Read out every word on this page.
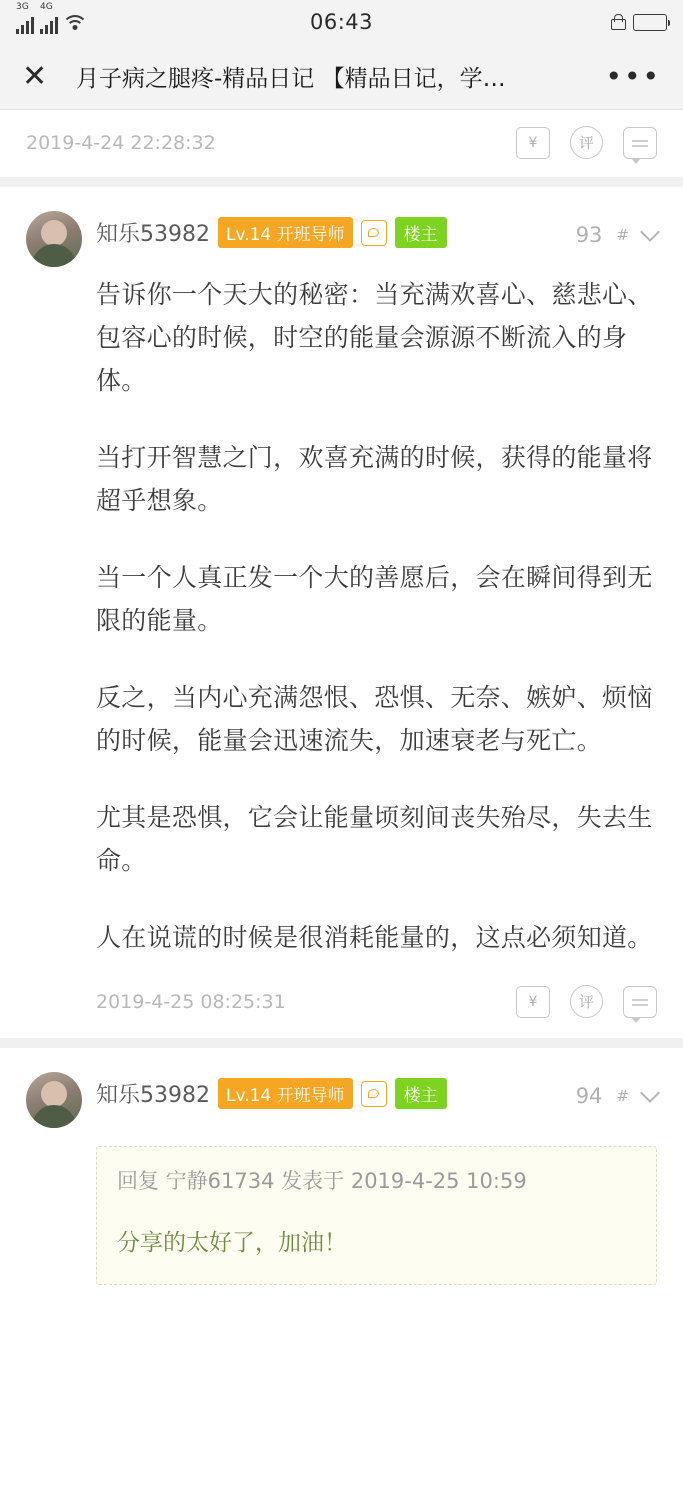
3G 4G
06:43
✕	月子病之腿疼-精品日记 【精品日记，学…	•••
2019-4-24 22:28:32	¥	评
知乐53982 Lv.14 开班导师	楼主	93 #

告诉你一个天大的秘密：当充满欢喜心、慈悲心、包容心的时候，时空的能量会源源不断流入的身体。

当打开智慧之门，欢喜充满的时候，获得的能量将超乎想象。

当一个人真正发一个大的善愿后，会在瞬间得到无限的能量。

反之，当内心充满怨恨、恐惧、无奈、嫉妒、烦恼的时候，能量会迅速流失，加速衰老与死亡。

尤其是恐惧，它会让能量顷刻间丧失殆尽，失去生命。

人在说谎的时候是很消耗能量的，这点必须知道。

2019-4-25 08:25:31	¥	评
知乐53982 Lv.14 开班导师	楼主	94 #
回复 宁静61734 发表于 2019-4-25 10:59
分享的太好了，加油！
